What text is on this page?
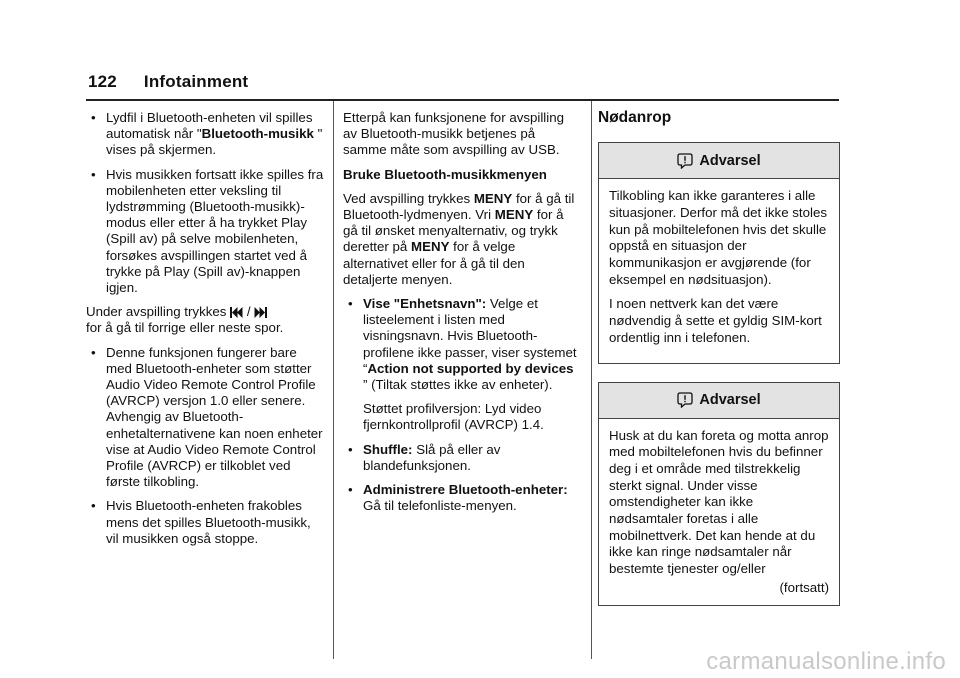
122 Infotainment
• Lydfil i Bluetooth-enheten vil spilles automatisk når "Bluetooth-musikk " vises på skjermen.
• Hvis musikken fortsatt ikke spilles fra mobilenheten etter veksling til lydstrømming (Bluetooth-musikk)-modus eller etter å ha trykket Play (Spill av) på selve mobilenheten, forsøkes avspillingen startet ved å trykke på Play (Spill av)-knappen igjen.

Under avspilling trykkes /
for å gå til forrige eller neste spor.

• Denne funksjonen fungerer bare med Bluetooth-enheter som støtter Audio Video Remote Control Profile (AVRCP) versjon 1.0 eller senere. Avhengig av Bluetooth-enhetalternativene kan noen enheter vise at Audio Video Remote Control Profile (AVRCP) er tilkoblet ved første tilkobling.
• Hvis Bluetooth-enheten frakobles mens det spilles Bluetooth-musikk, vil musikken også stoppe.

Etterpå kan funksjonene for avspilling av Bluetooth-musikk betjenes på samme måte som avspilling av USB.

Bruke Bluetooth-musikkmenyen

Ved avspilling trykkes MENY for å gå til Bluetooth-lydmenyen. Vri MENY for å gå til ønsket menyalternativ, og trykk deretter på MENY for å velge alternativet eller for å gå til den detaljerte menyen.

• Vise "Enhetsnavn": Velge et listeelement i listen med visningsnavn. Hvis Bluetooth-profilene ikke passer, viser systemet “Action not supported by devices ” (Tiltak støttes ikke av enheter).
Støttet profilversjon: Lyd video fjernkontrollprofil (AVRCP) 1.4.
• Shuffle: Slå på eller av blandefunksjonen.
• Administrere Bluetooth-enheter: Gå til telefonliste-menyen.
Nødanrop
Advarsel

Tilkobling kan ikke garanteres i alle situasjoner. Derfor må det ikke stoles kun på mobiltelefonen hvis det skulle oppstå en situasjon der kommunikasjon er avgjørende (for eksempel en nødsituasjon).

I noen nettverk kan det være nødvendig å sette et gyldig SIM-kort ordentlig inn i telefonen.

Advarsel

Husk at du kan foreta og motta anrop med mobiltelefonen hvis du befinner deg i et område med tilstrekkelig sterkt signal. Under visse omstendigheter kan ikke nødsamtaler foretas i alle mobilnettverk. Det kan hende at du ikke kan ringe nødsamtaler når bestemte tjenester og/eller

(fortsatt)
carmanualsonline.info
